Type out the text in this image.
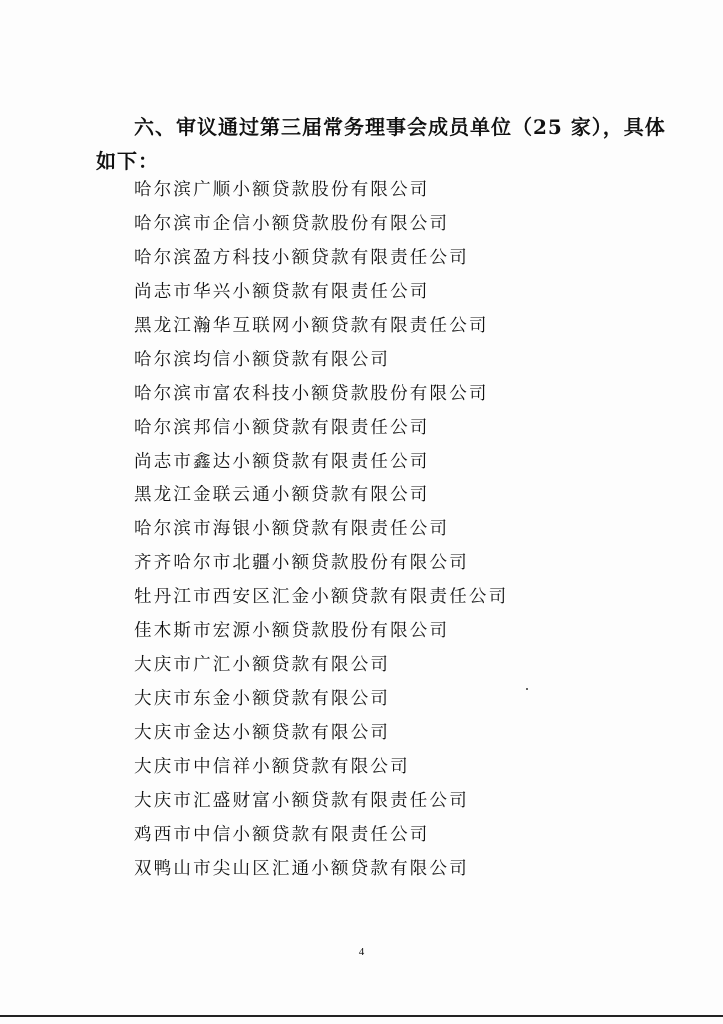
六、审议通过第三届常务理事会成员单位（25 家），具体
如下：
哈尔滨广顺小额贷款股份有限公司
哈尔滨市企信小额贷款股份有限公司
哈尔滨盈方科技小额贷款有限责任公司
尚志市华兴小额贷款有限责任公司
黑龙江瀚华互联网小额贷款有限责任公司
哈尔滨均信小额贷款有限公司
哈尔滨市富农科技小额贷款股份有限公司
哈尔滨邦信小额贷款有限责任公司
尚志市鑫达小额贷款有限责任公司
黑龙江金联云通小额贷款有限公司
哈尔滨市海银小额贷款有限责任公司
齐齐哈尔市北疆小额贷款股份有限公司
牡丹江市西安区汇金小额贷款有限责任公司
佳木斯市宏源小额贷款股份有限公司
大庆市广汇小额贷款有限公司
大庆市东金小额贷款有限公司
大庆市金达小额贷款有限公司
大庆市中信祥小额贷款有限公司
大庆市汇盛财富小额贷款有限责任公司
鸡西市中信小额贷款有限责任公司
双鸭山市尖山区汇通小额贷款有限公司
4
